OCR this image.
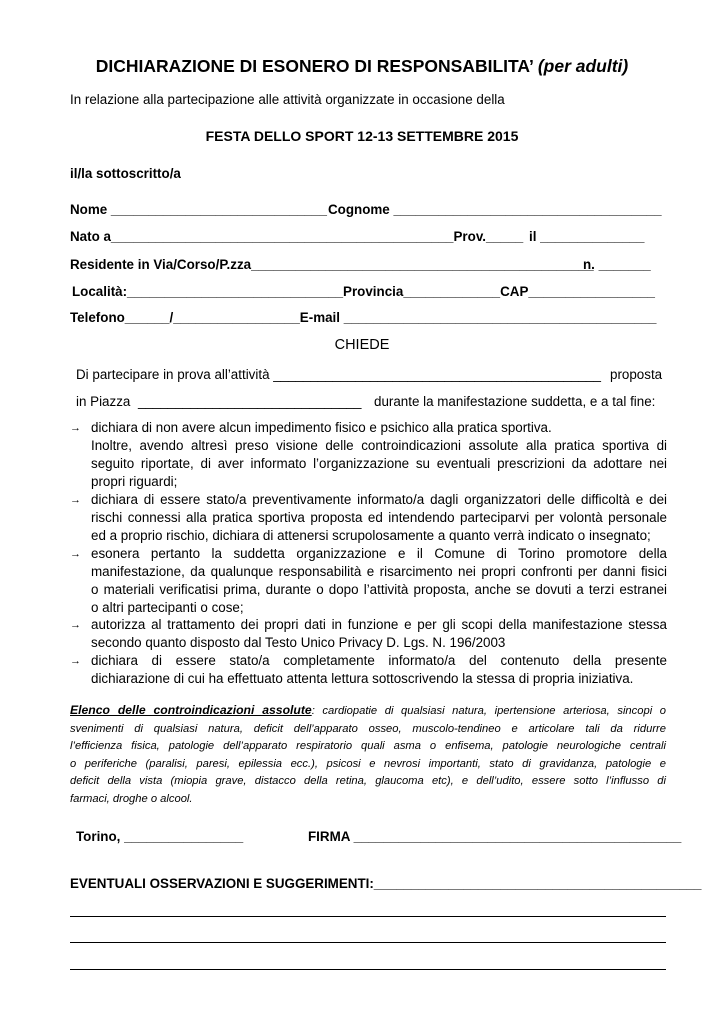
DICHIARAZIONE DI ESONERO DI RESPONSABILITA’ (per adulti)
In relazione alla partecipazione alle attività organizzate in occasione della
FESTA DELLO SPORT 12-13 SETTEMBRE 2015
il/la sottoscritto/a
Nome _____________________________ Cognome ____________________________________
Nato a______________________________________________Prov._____ il ______________
Residente in Via/Corso/P.zza______________________________________________
n. _______
Località:_____________________________Provincia_____________CAP_________________
Telefono______/_________________E-mail __________________________________________
CHIEDE
Di partecipare in prova all’attività ____________________________________________ proposta
in Piazza ______________________________ durante la manifestazione suddetta, e a tal fine:
→ dichiara di non avere alcun impedimento fisico e psichico alla pratica sportiva.
Inoltre, avendo altresì preso visione delle controindicazioni assolute alla pratica sportiva di
seguito riportate, di aver informato l’organizzazione su eventuali prescrizioni da adottare nei
propri riguardi;
→ dichiara di essere stato/a preventivamente informato/a dagli organizzatori delle difficoltà e dei
rischi connessi alla pratica sportiva proposta ed intendendo parteciparvi per volontà personale
ed a proprio rischio, dichiara di attenersi scrupolosamente a quanto verrà indicato o insegnato;
→ esonera pertanto la suddetta organizzazione e il Comune di Torino promotore della
manifestazione, da qualunque responsabilità e risarcimento nei propri confronti per danni fisici
o materiali verificatisi prima, durante o dopo l’attività proposta, anche se dovuti a terzi estranei
o altri partecipanti o cose;
→ autorizza al trattamento dei propri dati in funzione e per gli scopi della manifestazione stessa
secondo quanto disposto dal Testo Unico Privacy D. Lgs. N. 196/2003
→ dichiara di essere stato/a completamente informato/a del contenuto della presente
dichiarazione di cui ha effettuato attenta lettura sottoscrivendo la stessa di propria iniziativa.
Elenco delle controindicazioni assolute: cardiopatie di qualsiasi natura, ipertensione arteriosa, sincopi o
svenimenti di qualsiasi natura, deficit dell’apparato osseo, muscolo-tendineo e articolare tali da ridurre
l’efficienza fisica, patologie dell’apparato respiratorio quali asma o enfisema, patologie neurologiche centrali
o periferiche (paralisi, paresi, epilessia ecc.), psicosi e nevrosi importanti, stato di gravidanza, patologie e
deficit della vista (miopia grave, distacco della retina, glaucoma etc), e dell’udito, essere sotto l’influsso di
farmaci, droghe o alcool.
Torino, ________________	FIRMA ____________________________________________
EVENTUALI OSSERVAZIONI E SUGGERIMENTI:____________________________________________
